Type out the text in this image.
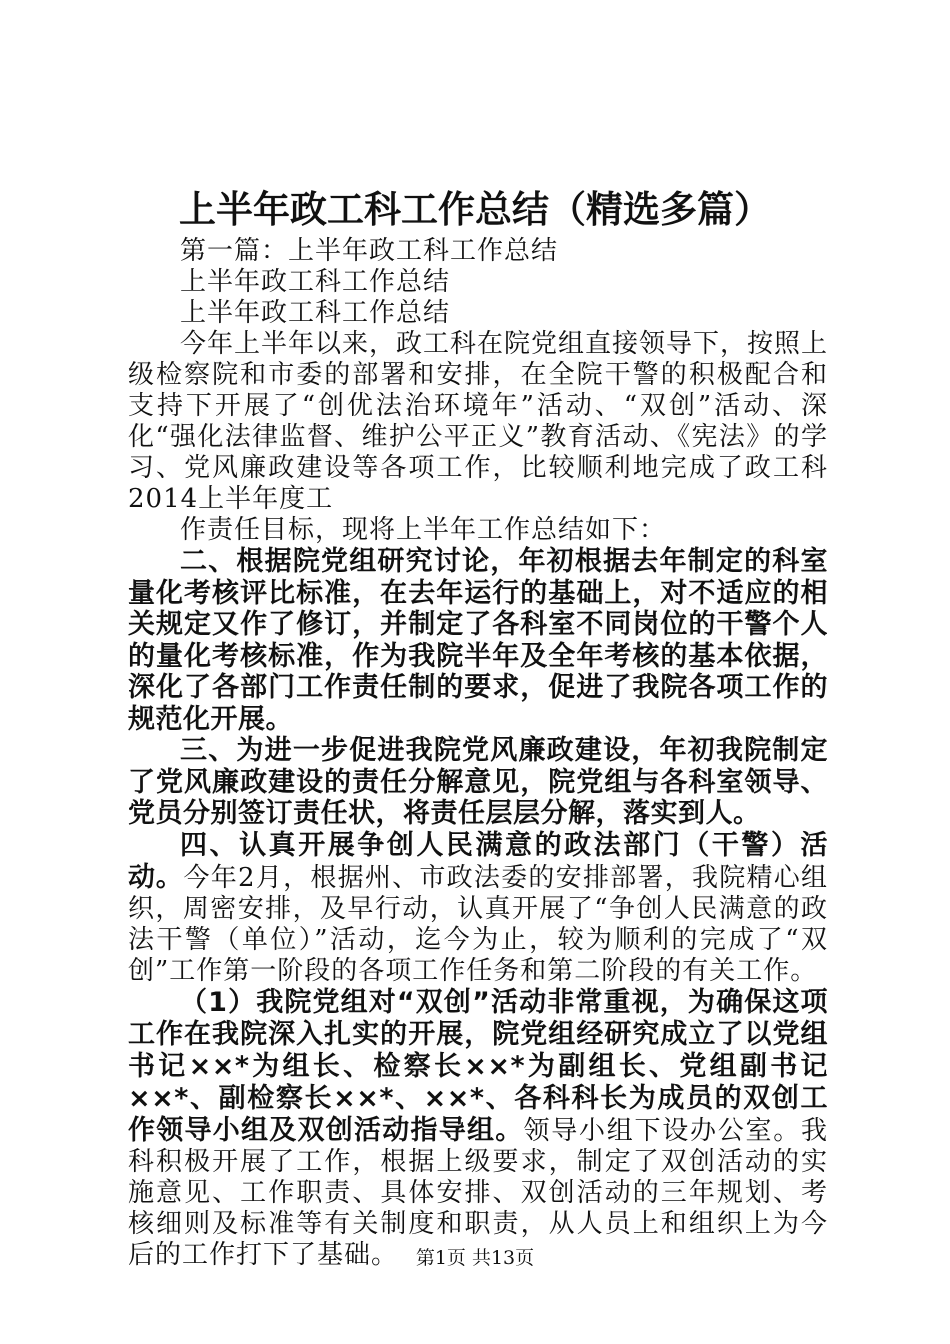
上半年政工科工作总结（精选多篇）

第一篇：上半年政工科工作总结

上半年政工科工作总结

上半年政工科工作总结

今年上半年以来，政工科在院党组直接领导下，按照上级检察院和市委的部署和安排，在全院干警的积极配合和支持下开展了“创优法治环境年”活动、“双创”活动、深化“强化法律监督、维护公平正义”教育活动、《宪法》的学习、党风廉政建设等各项工作，比较顺利地完成了政工科2014上半年度工

作责任目标，现将上半年工作总结如下：

二、根据院党组研究讨论，年初根据去年制定的科室量化考核评比标准，在去年运行的基础上，对不适应的相关规定又作了修订，并制定了各科室不同岗位的干警个人的量化考核标准，作为我院半年及全年考核的基本依据，深化了各部门工作责任制的要求，促进了我院各项工作的规范化开展。

三、为进一步促进我院党风廉政建设，年初我院制定了党风廉政建设的责任分解意见，院党组与各科室领导、党员分别签订责任状，将责任层层分解，落实到人。

四、认真开展争创人民满意的政法部门（干警）活动。今年2月，根据州、市政法委的安排部署，我院精心组织，周密安排，及早行动，认真开展了“争创人民满意的政法干警（单位）”活动，迄今为止，较为顺利的完成了“双创”工作第一阶段的各项工作任务和第二阶段的有关工作。

（1）我院党组对“双创”活动非常重视，为确保这项工作在我院深入扎实的开展，院党组经研究成立了以党组书记××*为组长、检察长××*为副组长、党组副书记××*、副检察长××*、××*、各科科长为成员的双创工作领导小组及双创活动指导组。领导小组下设办公室。我科积极开展了工作，根据上级要求，制定了双创活动的实施意见、工作职责、具体安排、双创活动的三年规划、考核细则及标准等有关制度和职责，从人员上和组织上为今后的工作打下了基础。 第1页 共13页
